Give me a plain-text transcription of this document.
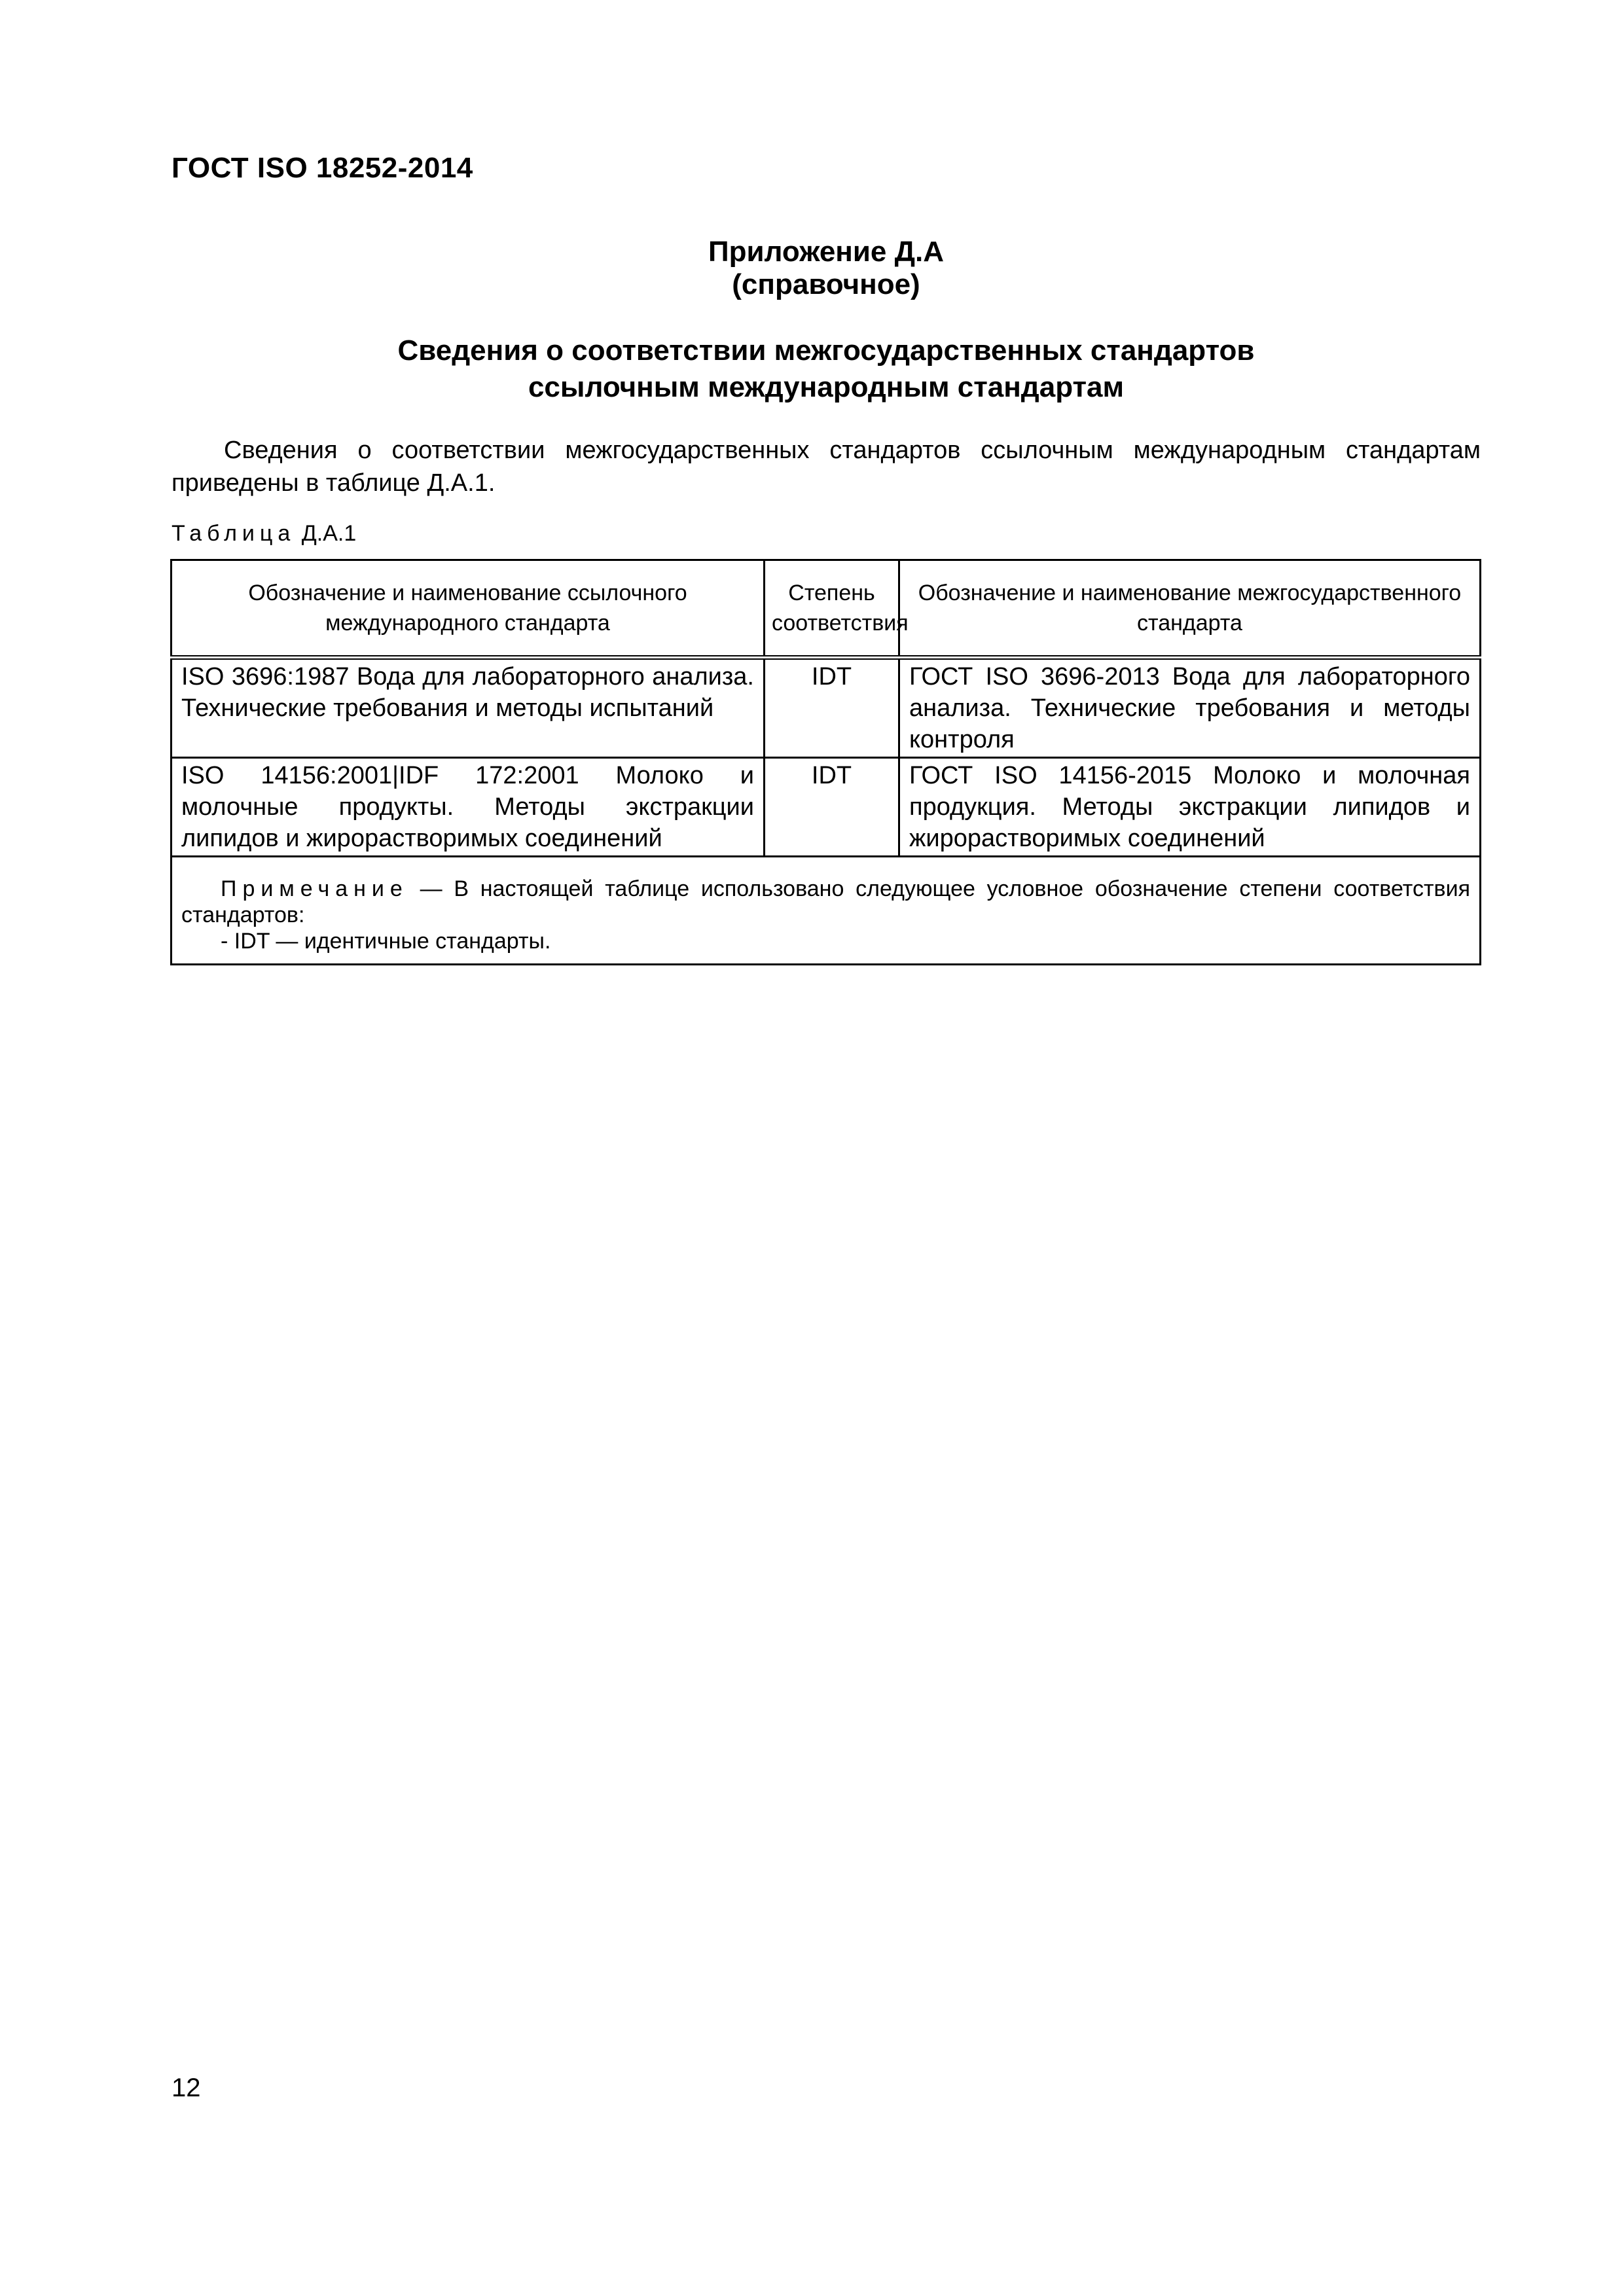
ГОСТ ISO 18252-2014
Приложение Д.А
(справочное)
Сведения о соответствии межгосударственных стандартов
ссылочным международным стандартам
Сведения о соответствии межгосударственных стандартов ссылочным международным стандартам приведены в таблице Д.А.1.
Таблица Д.А.1
Обозначение и наименование ссылочного международного стандарта	Степень соответствия	Обозначение и наименование межгосударственного стандарта
ISO 3696:1987 Вода для лабораторного анализа. Технические требования и методы испытаний	IDT	ГОСТ ISO 3696-2013 Вода для лабораторного анализа. Технические требования и методы контроля
ISO 14156:2001|IDF 172:2001 Молоко и молочные продукты. Методы экстракции липидов и жирорастворимых соединений	IDT	ГОСТ ISO 14156-2015 Молоко и молочная продукция. Методы экстракции липидов и жирорастворимых соединений

Примечание — В настоящей таблице использовано следующее условное обозначение степени соответствия стандартов:
- IDT — идентичные стандарты.		
12
